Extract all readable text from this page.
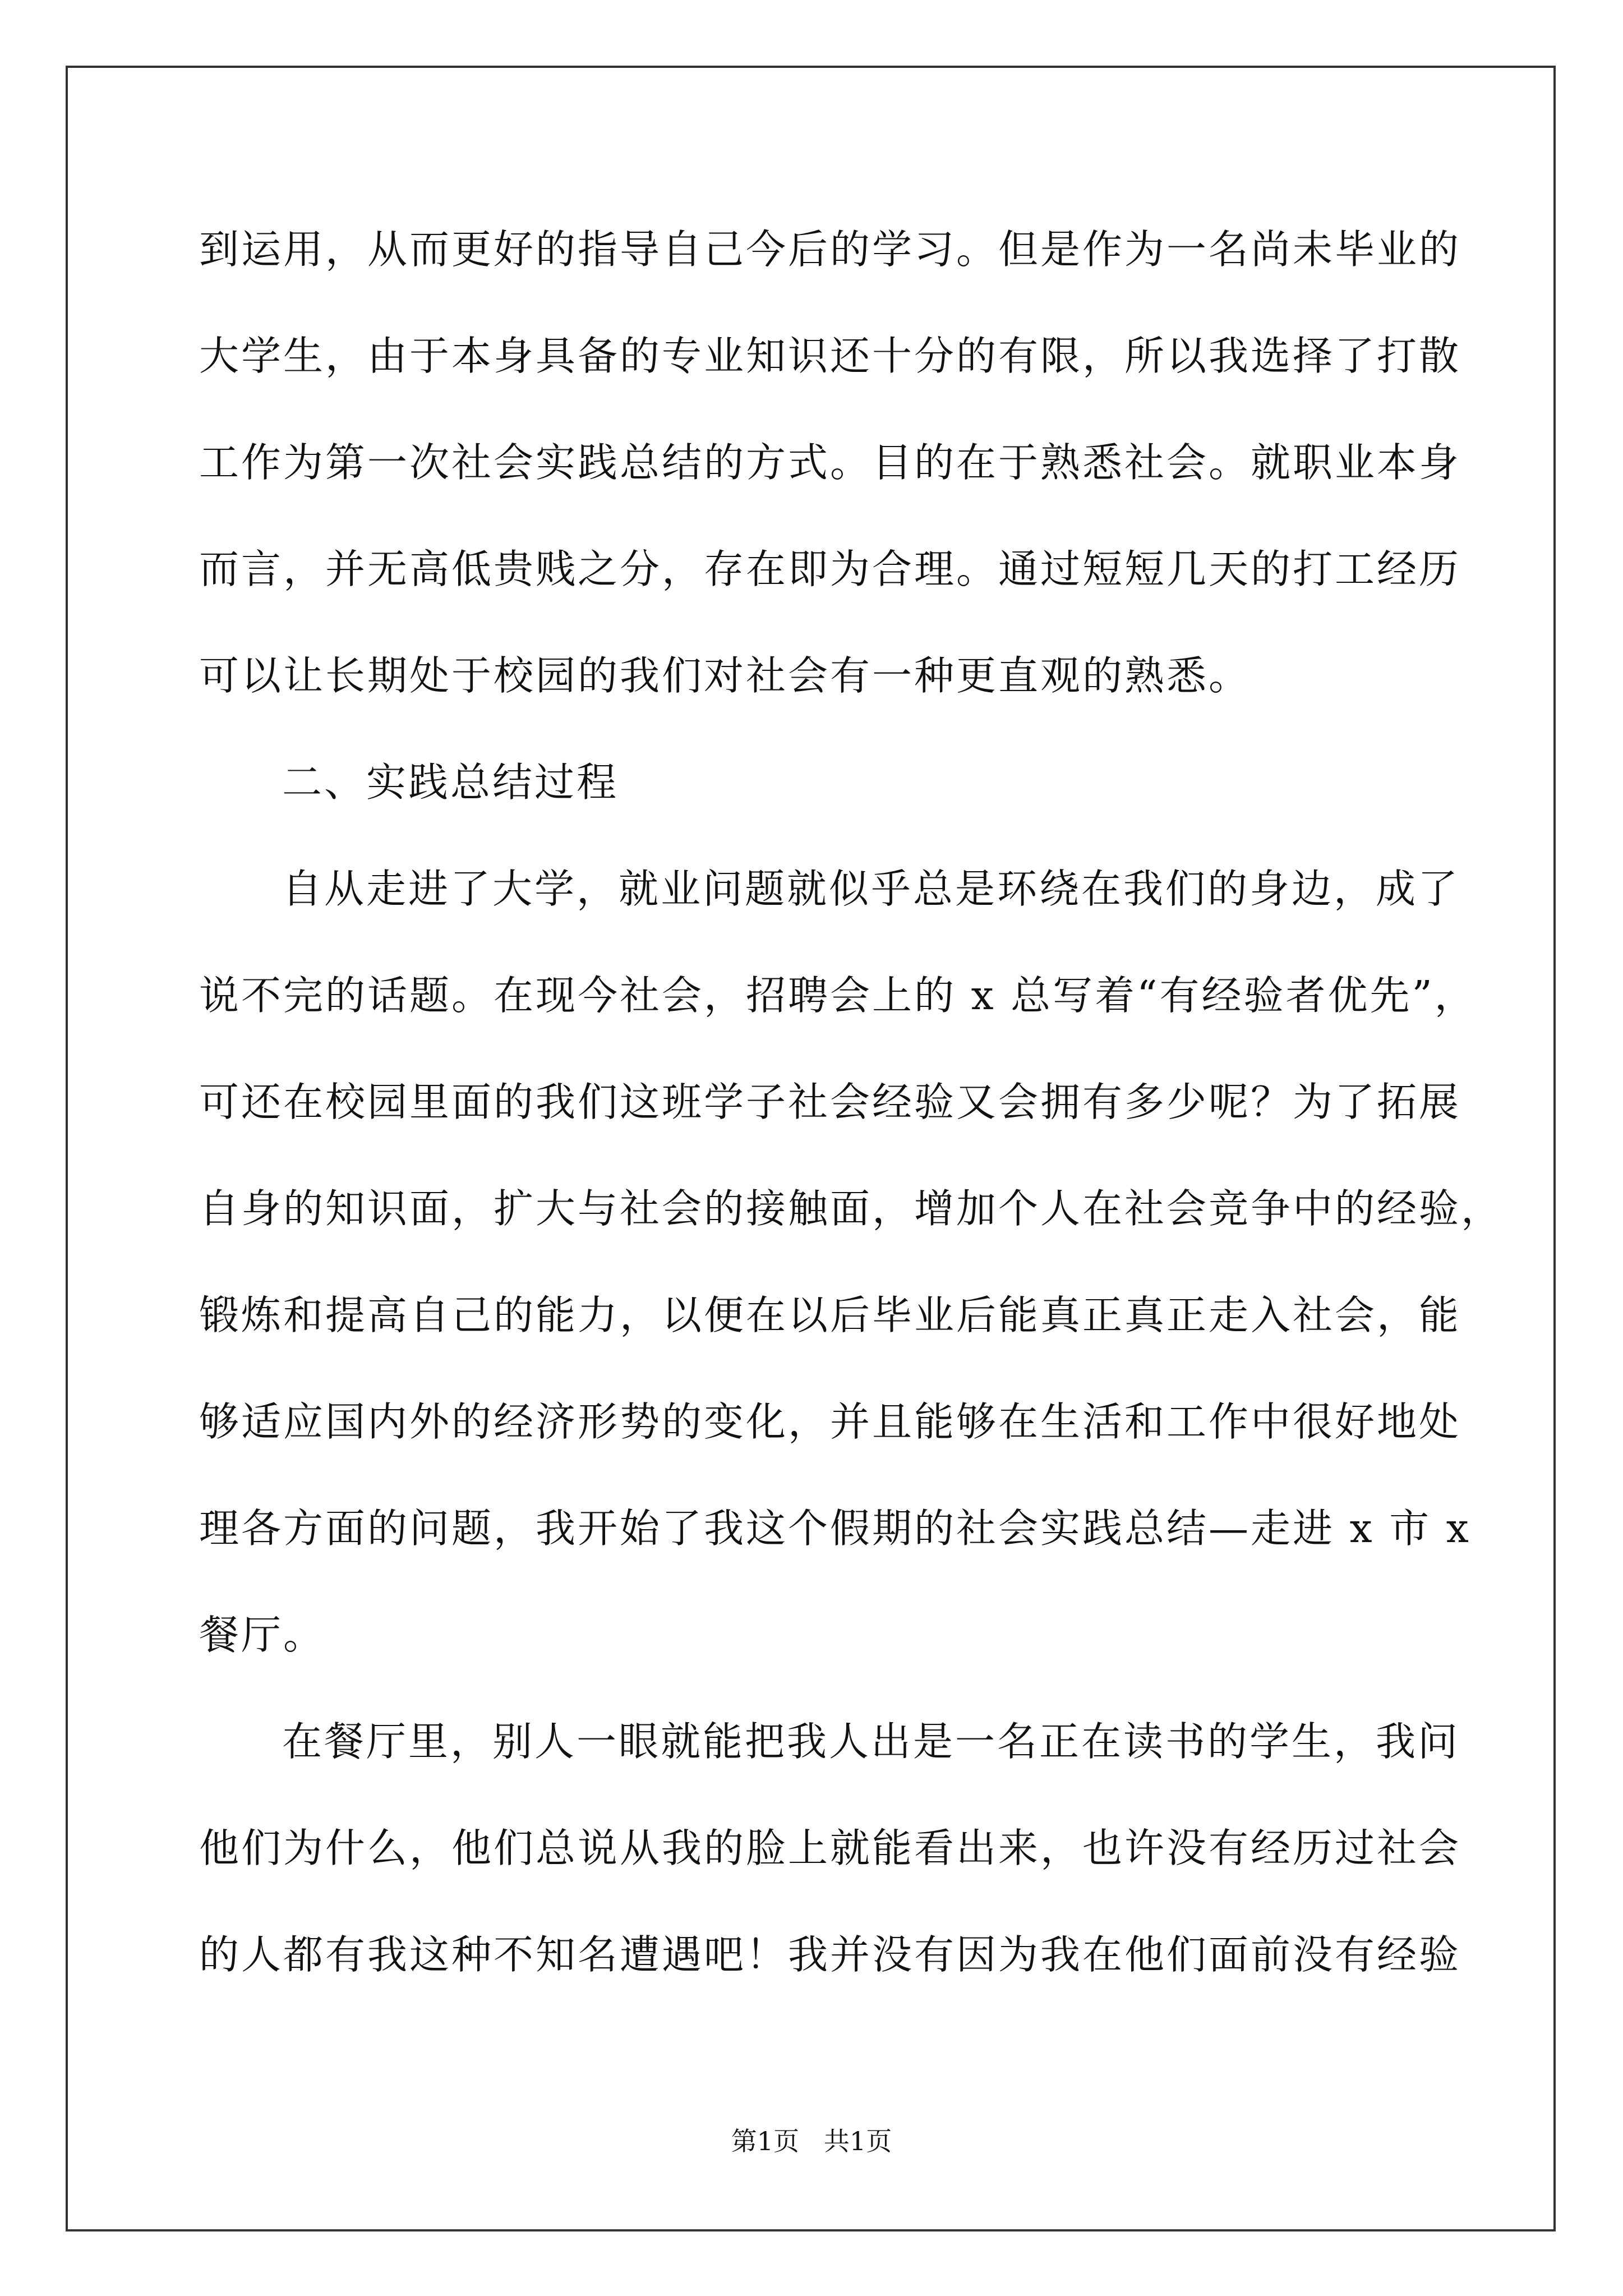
到运用，从而更好的指导自己今后的学习。但是作为一名尚未毕业的
大学生，由于本身具备的专业知识还十分的有限，所以我选择了打散
工作为第一次社会实践总结的方式。目的在于熟悉社会。就职业本身
而言，并无高低贵贱之分，存在即为合理。通过短短几天的打工经历
可以让长期处于校园的我们对社会有一种更直观的熟悉。
二、实践总结过程
自从走进了大学，就业问题就似乎总是环绕在我们的身边，成了
说不完的话题。在现今社会，招聘会上的 x 总写着“有经验者优先”，
可还在校园里面的我们这班学子社会经验又会拥有多少呢？为了拓展
自身的知识面，扩大与社会的接触面，增加个人在社会竞争中的经验，
锻炼和提高自己的能力，以便在以后毕业后能真正真正走入社会，能
够适应国内外的经济形势的变化，并且能够在生活和工作中很好地处
理各方面的问题，我开始了我这个假期的社会实践总结—走进 x 市 x
餐厅。
在餐厅里，别人一眼就能把我人出是一名正在读书的学生，我问
他们为什么，他们总说从我的脸上就能看出来，也许没有经历过社会
的人都有我这种不知名遭遇吧！我并没有因为我在他们面前没有经验
第1页   共1页
